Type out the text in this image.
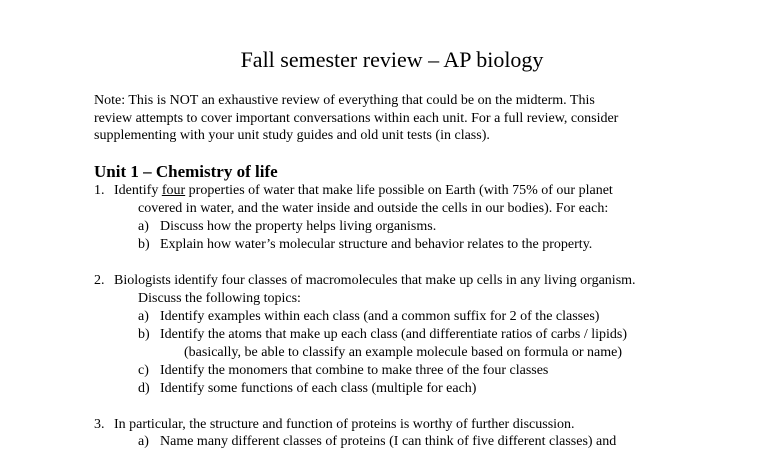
Fall semester review – AP biology

Note: This is NOT an exhaustive review of everything that could be on the midterm. This

review attempts to cover important conversations within each unit. For a full review, consider

supplementing with your unit study guides and old unit tests (in class).

Unit 1 – Chemistry of life
1. Identify four properties of water that make life possible on Earth (with 75% of our planet
covered in water, and the water inside and outside the cells in our bodies). For each:
a) Discuss how the property helps living organisms.
b) Explain how water’s molecular structure and behavior relates to the property.
2. Biologists identify four classes of macromolecules that make up cells in any living organism.
Discuss the following topics:
a) Identify examples within each class (and a common suffix for 2 of the classes)
b) Identify the atoms that make up each class (and differentiate ratios of carbs / lipids)
(basically, be able to classify an example molecule based on formula or name)
c) Identify the monomers that combine to make three of the four classes
d) Identify some functions of each class (multiple for each)
3. In particular, the structure and function of proteins is worthy of further discussion.
a) Name many different classes of proteins (I can think of five different classes) and
